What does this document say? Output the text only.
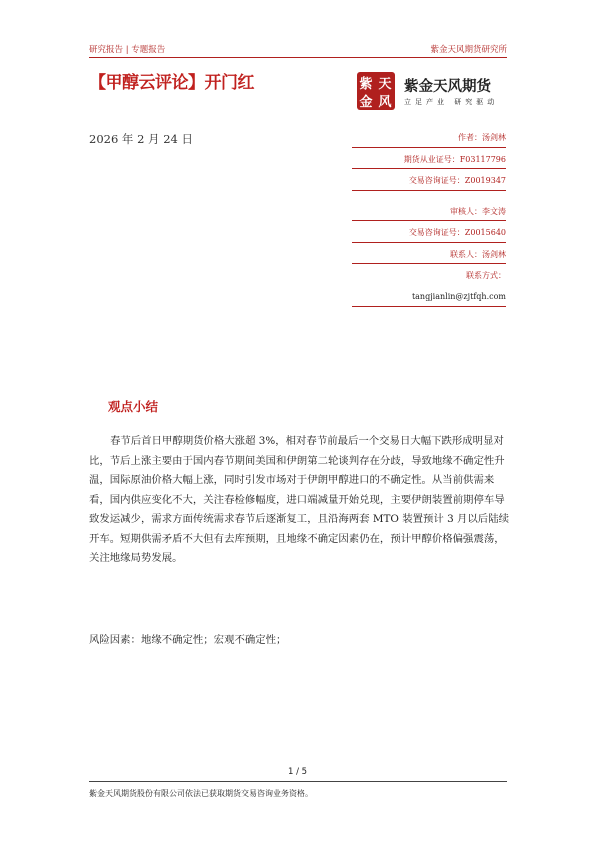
研究报告 | 专题报告	紫金天风期货研究所
【甲醇云评论】开门红	紫 天
金 风
紫金天风期货
立足产业 研究驱动
2026 年 2 月 24 日	作者：汤剑林
期货从业证号：F03117796
交易咨询证号：Z0019347
审核人：李文涛
交易咨询证号：Z0015640
联系人：汤剑林
联系方式：
tangjianlin@zjtfqh.com
观点小结

春节后首日甲醇期货价格大涨超 3%，相对春节前最后一个交易日大幅下跌形成明显对比，节后上涨主要由于国内春节期间美国和伊朗第二轮谈判存在分歧，导致地缘不确定性升温，国际原油价格大幅上涨，同时引发市场对于伊朗甲醇进口的不确定性。从当前供需来看，国内供应变化不大，关注春检修幅度，进口端减量开始兑现，主要伊朗装置前期停车导致发运减少，需求方面传统需求春节后逐渐复工，且沿海两套 MTO 装置预计 3 月以后陆续开车。短期供需矛盾不大但有去库预期，且地缘不确定因素仍在，预计甲醇价格偏强震荡，关注地缘局势发展。

风险因素：地缘不确定性；宏观不确定性；
1 / 5
紫金天风期货股份有限公司依法已获取期货交易咨询业务资格。
